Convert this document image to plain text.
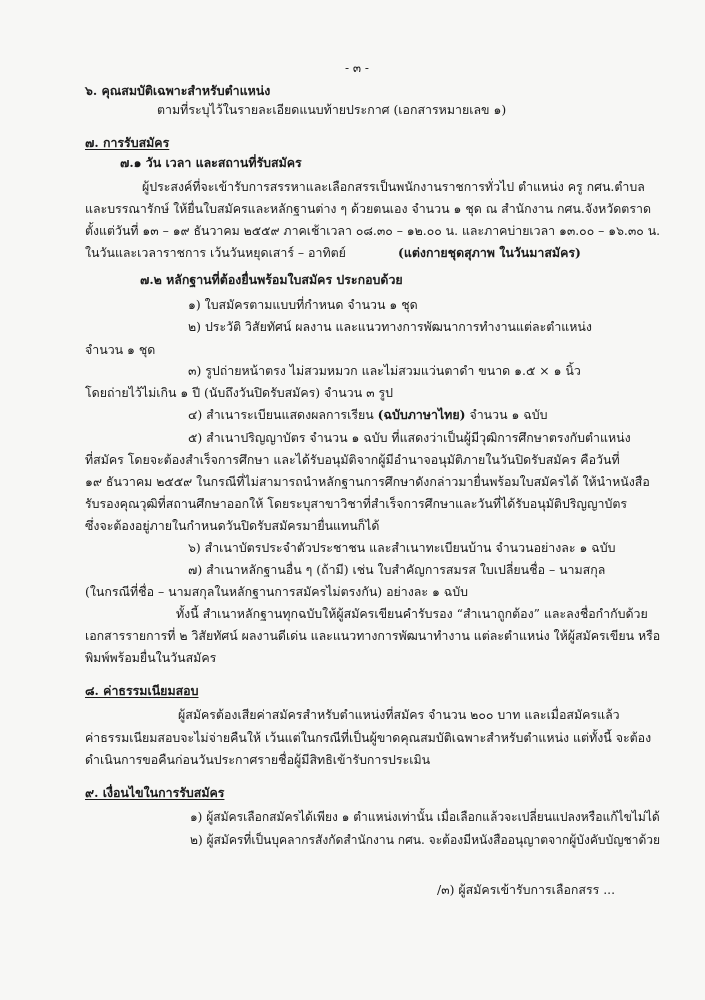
- ๓ -
๖. คุณสมบัติเฉพาะสำหรับตำแหน่ง
ตามที่ระบุไว้ในรายละเอียดแนบท้ายประกาศ (เอกสารหมายเลข ๑)
๗. การรับสมัคร
๗.๑ วัน เวลา และสถานที่รับสมัคร
ผู้ประสงค์ที่จะเข้ารับการสรรหาและเลือกสรรเป็นพนักงานราชการทั่วไป ตำแหน่ง ครู กศน.ตำบล
และบรรณารักษ์ ให้ยื่นใบสมัครและหลักฐานต่าง ๆ ด้วยตนเอง จำนวน ๑ ชุด ณ สำนักงาน กศน.จังหวัดตราด
ตั้งแต่วันที่ ๑๓ – ๑๙ ธันวาคม ๒๕๕๙ ภาคเช้าเวลา ๐๘.๓๐ – ๑๒.๐๐ น. และภาคบ่ายเวลา ๑๓.๐๐ – ๑๖.๓๐ น.
ในวันและเวลาราชการ เว้นวันหยุดเสาร์ – อาทิตย์	(แต่งกายชุดสุภาพ ในวันมาสมัคร)
๗.๒ หลักฐานที่ต้องยื่นพร้อมใบสมัคร ประกอบด้วย
๑) ใบสมัครตามแบบที่กำหนด จำนวน ๑ ชุด
๒) ประวัติ วิสัยทัศน์ ผลงาน และแนวทางการพัฒนาการทำงานแต่ละตำแหน่ง
จำนวน ๑ ชุด
๓) รูปถ่ายหน้าตรง ไม่สวมหมวก และไม่สวมแว่นตาดำ ขนาด ๑.๕ × ๑ นิ้ว
โดยถ่ายไว้ไม่เกิน ๑ ปี (นับถึงวันปิดรับสมัคร) จำนวน ๓ รูป
๔) สำเนาระเบียนแสดงผลการเรียน (ฉบับภาษาไทย) จำนวน ๑ ฉบับ
๕) สำเนาปริญญาบัตร จำนวน ๑ ฉบับ ที่แสดงว่าเป็นผู้มีวุฒิการศึกษาตรงกับตำแหน่ง
ที่สมัคร โดยจะต้องสำเร็จการศึกษา และได้รับอนุมัติจากผู้มีอำนาจอนุมัติภายในวันปิดรับสมัคร คือวันที่
๑๙ ธันวาคม ๒๕๕๙ ในกรณีที่ไม่สามารถนำหลักฐานการศึกษาดังกล่าวมายื่นพร้อมใบสมัครได้ ให้นำหนังสือ
รับรองคุณวุฒิที่สถานศึกษาออกให้ โดยระบุสาขาวิชาที่สำเร็จการศึกษาและวันที่ได้รับอนุมัติปริญญาบัตร
ซึ่งจะต้องอยู่ภายในกำหนดวันปิดรับสมัครมายื่นแทนก็ได้
๖) สำเนาบัตรประจำตัวประชาชน และสำเนาทะเบียนบ้าน จำนวนอย่างละ ๑ ฉบับ
๗) สำเนาหลักฐานอื่น ๆ (ถ้ามี) เช่น ใบสำคัญการสมรส ใบเปลี่ยนชื่อ – นามสกุล
(ในกรณีที่ชื่อ – นามสกุลในหลักฐานการสมัครไม่ตรงกัน) อย่างละ ๑ ฉบับ
ทั้งนี้ สำเนาหลักฐานทุกฉบับให้ผู้สมัครเขียนคำรับรอง “สำเนาถูกต้อง” และลงชื่อกำกับด้วย
เอกสารรายการที่ ๒ วิสัยทัศน์ ผลงานดีเด่น และแนวทางการพัฒนาทำงาน แต่ละตำแหน่ง ให้ผู้สมัครเขียน หรือ
พิมพ์พร้อมยื่นในวันสมัคร
๘. ค่าธรรมเนียมสอบ
ผู้สมัครต้องเสียค่าสมัครสำหรับตำแหน่งที่สมัคร จำนวน ๒๐๐ บาท และเมื่อสมัครแล้ว
ค่าธรรมเนียมสอบจะไม่จ่ายคืนให้ เว้นแต่ในกรณีที่เป็นผู้ขาดคุณสมบัติเฉพาะสำหรับตำแหน่ง แต่ทั้งนี้ จะต้อง
ดำเนินการขอคืนก่อนวันประกาศรายชื่อผู้มีสิทธิเข้ารับการประเมิน
๙. เงื่อนไขในการรับสมัคร
๑) ผู้สมัครเลือกสมัครได้เพียง ๑ ตำแหน่งเท่านั้น เมื่อเลือกแล้วจะเปลี่ยนแปลงหรือแก้ไขไม่ได้
๒) ผู้สมัครที่เป็นบุคลากรสังกัดสำนักงาน กศน. จะต้องมีหนังสืออนุญาตจากผู้บังคับบัญชาด้วย
/๓) ผู้สมัครเข้ารับการเลือกสรร ...
